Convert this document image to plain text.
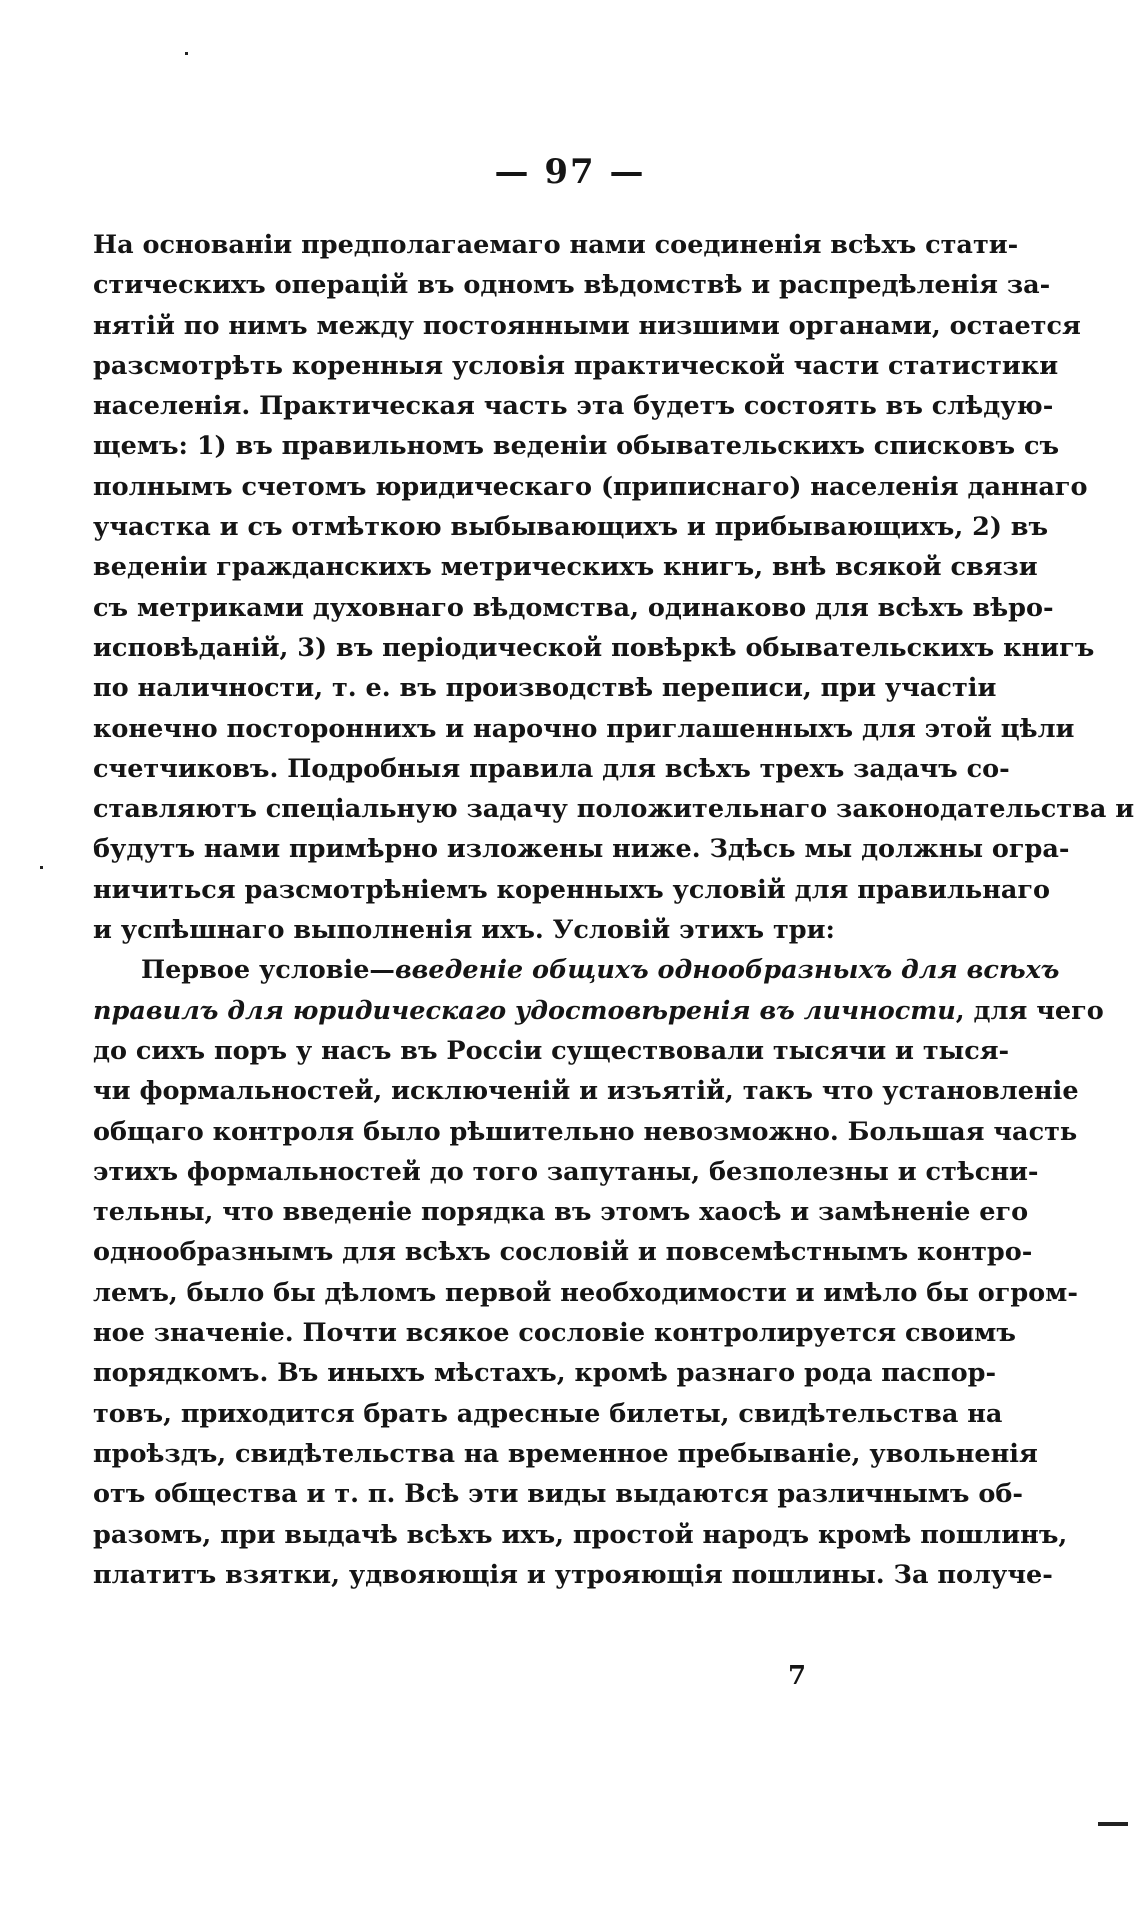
— 97 —
На основаніи предполагаемаго нами соединенія всѣхъ стати-
стическихъ операцій въ одномъ вѣдомствѣ и распредѣленія за-
нятій по нимъ между постоянными низшими органами, остается
разсмотрѣть коренныя условія практической части статистики
населенія. Практическая часть эта будетъ состоять въ слѣдую-
щемъ: 1) въ правильномъ веденіи обывательскихъ списковъ съ
полнымъ счетомъ юридическаго (приписнаго) населенія даннаго
участка и съ отмѣткою выбывающихъ и прибывающихъ, 2) въ
веденіи гражданскихъ метрическихъ книгъ, внѣ всякой связи
съ метриками духовнаго вѣдомства, одинаково для всѣхъ вѣро-
исповѣданій, 3) въ періодической повѣркѣ обывательскихъ книгъ
по наличности, т. е. въ производствѣ переписи, при участіи
конечно постороннихъ и нарочно приглашенныхъ для этой цѣли
счетчиковъ. Подробныя правила для всѣхъ трехъ задачъ со-
ставляютъ спеціальную задачу положительнаго законодательства и
будутъ нами примѣрно изложены ниже. Здѣсь мы должны огра-
ничиться разсмотрѣніемъ коренныхъ условій для правильнаго
и успѣшнаго выполненія ихъ. Условій этихъ три:
Первое условіе—введеніе общихъ однообразныхъ для всѣхъ
правилъ для юридическаго удостовѣренія въ личности, для чего
до сихъ поръ у насъ въ Россіи существовали тысячи и тыся-
чи формальностей, исключеній и изъятій, такъ что установленіе
общаго контроля было рѣшительно невозможно. Большая часть
этихъ формальностей до того запутаны, безполезны и стѣсни-
тельны, что введеніе порядка въ этомъ хаосѣ и замѣненіе его
однообразнымъ для всѣхъ сословій и повсемѣстнымъ контро-
лемъ, было бы дѣломъ первой необходимости и имѣло бы огром-
ное значеніе. Почти всякое сословіе контролируется своимъ
порядкомъ. Въ иныхъ мѣстахъ, кромѣ разнаго рода паспор-
товъ, приходится брать адресные билеты, свидѣтельства на
проѣздъ, свидѣтельства на временное пребываніе, увольненія
отъ общества и т. п. Всѣ эти виды выдаются различнымъ об-
разомъ, при выдачѣ всѣхъ ихъ, простой народъ кромѣ пошлинъ,
платитъ взятки, удвояющія и утрояющія пошлины. За получе-
7
